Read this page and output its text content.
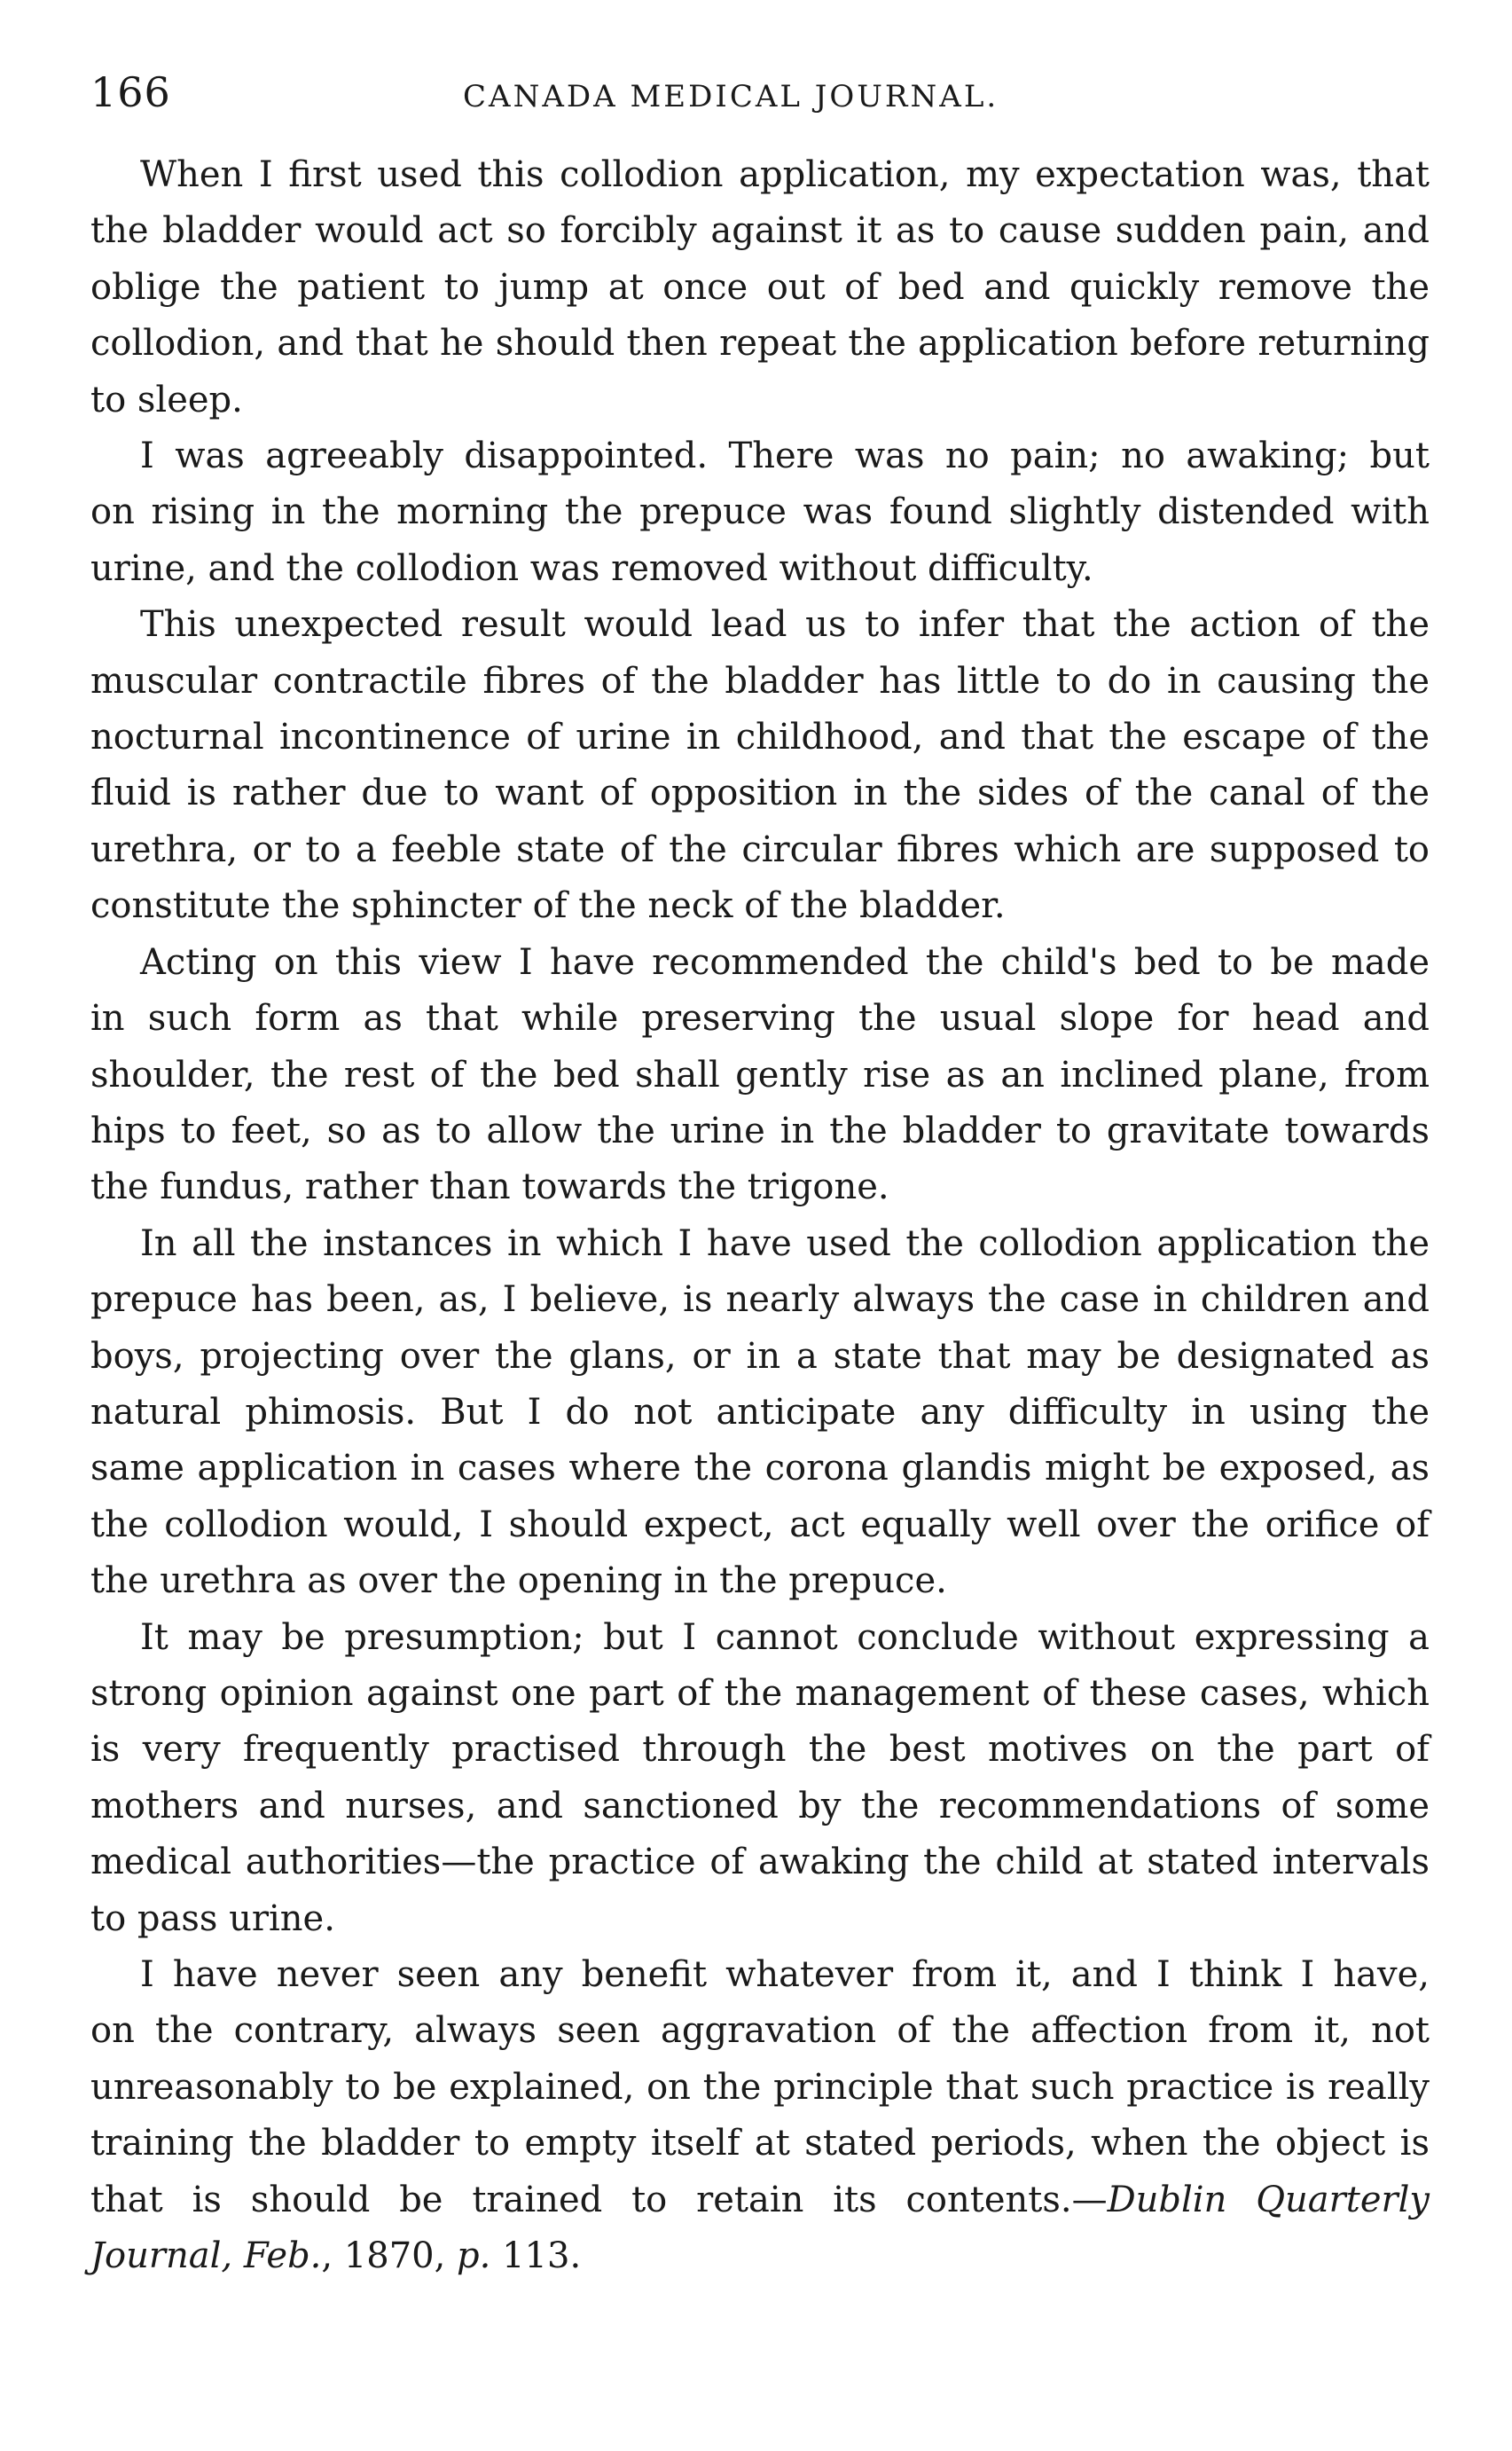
166	CANADA MEDICAL JOURNAL.

When I first used this collodion application, my expectation was, that
the bladder would act so forcibly against it as to cause sudden pain, and
oblige the patient to jump at once out of bed and quickly remove the
collodion, and that he should then repeat the application before returning
to sleep.

I was agreeably disappointed. There was no pain; no awaking; but
on rising in the morning the prepuce was found slightly distended with
urine, and the collodion was removed without difficulty.

This unexpected result would lead us to infer that the action of the
muscular contractile fibres of the bladder has little to do in causing the
nocturnal incontinence of urine in childhood, and that the escape of the
fluid is rather due to want of opposition in the sides of the canal of the
urethra, or to a feeble state of the circular fibres which are supposed to
constitute the sphincter of the neck of the bladder.

Acting on this view I have recommended the child's bed to be made
in such form as that while preserving the usual slope for head and
shoulder, the rest of the bed shall gently rise as an inclined plane, from
hips to feet, so as to allow the urine in the bladder to gravitate towards
the fundus, rather than towards the trigone.

In all the instances in which I have used the collodion application the
prepuce has been, as, I believe, is nearly always the case in children and
boys, projecting over the glans, or in a state that may be designated as
natural phimosis. But I do not anticipate any difficulty in using the
same application in cases where the corona glandis might be exposed, as
the collodion would, I should expect, act equally well over the orifice of
the urethra as over the opening in the prepuce.

It may be presumption; but I cannot conclude without expressing a
strong opinion against one part of the management of these cases, which
is very frequently practised through the best motives on the part of
mothers and nurses, and sanctioned by the recommendations of some
medical authorities—the practice of awaking the child at stated intervals
to pass urine.

I have never seen any benefit whatever from it, and I think I have,
on the contrary, always seen aggravation of the affection from it, not
unreasonably to be explained, on the principle that such practice is really
training the bladder to empty itself at stated periods, when the object is
that is should be trained to retain its contents.—Dublin Quarterly
Journal, Feb., 1870, p. 113.
